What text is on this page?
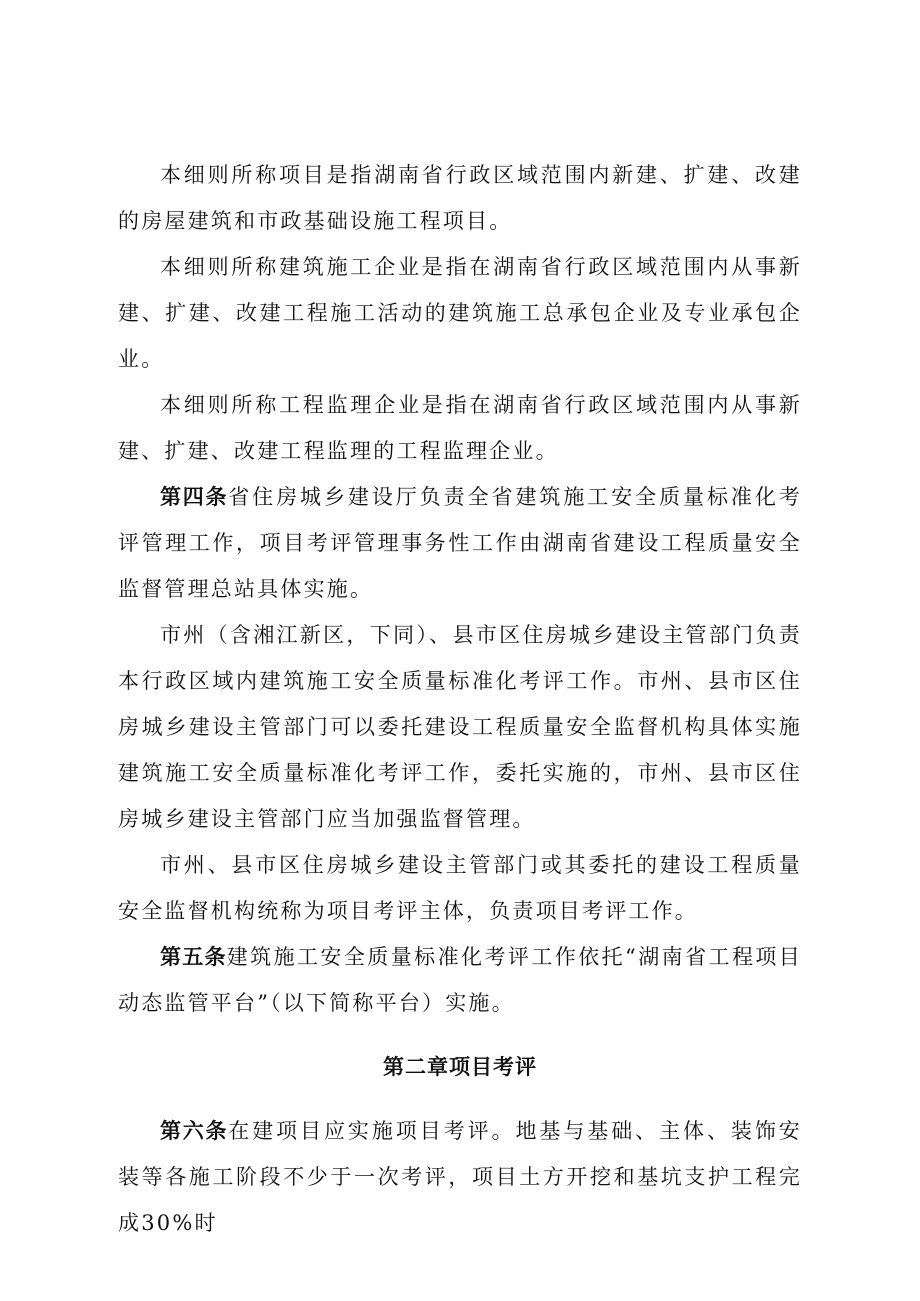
本细则所称项目是指湖南省行政区域范围内新建、扩建、改建的房屋建筑和市政基础设施工程项目。

本细则所称建筑施工企业是指在湖南省行政区域范围内从事新建、扩建、改建工程施工活动的建筑施工总承包企业及专业承包企业。

本细则所称工程监理企业是指在湖南省行政区域范围内从事新建、扩建、改建工程监理的工程监理企业。

第四条省住房城乡建设厅负责全省建筑施工安全质量标准化考评管理工作，项目考评管理事务性工作由湖南省建设工程质量安全监督管理总站具体实施。

市州（含湘江新区，下同）、县市区住房城乡建设主管部门负责本行政区域内建筑施工安全质量标准化考评工作。市州、县市区住房城乡建设主管部门可以委托建设工程质量安全监督机构具体实施建筑施工安全质量标准化考评工作，委托实施的，市州、县市区住房城乡建设主管部门应当加强监督管理。

市州、县市区住房城乡建设主管部门或其委托的建设工程质量安全监督机构统称为项目考评主体，负责项目考评工作。

第五条建筑施工安全质量标准化考评工作依托“湖南省工程项目动态监管平台”（以下简称平台）实施。

第二章项目考评

第六条在建项目应实施项目考评。地基与基础、主体、装饰安装等各施工阶段不少于一次考评，项目土方开挖和基坑支护工程完成30%时
